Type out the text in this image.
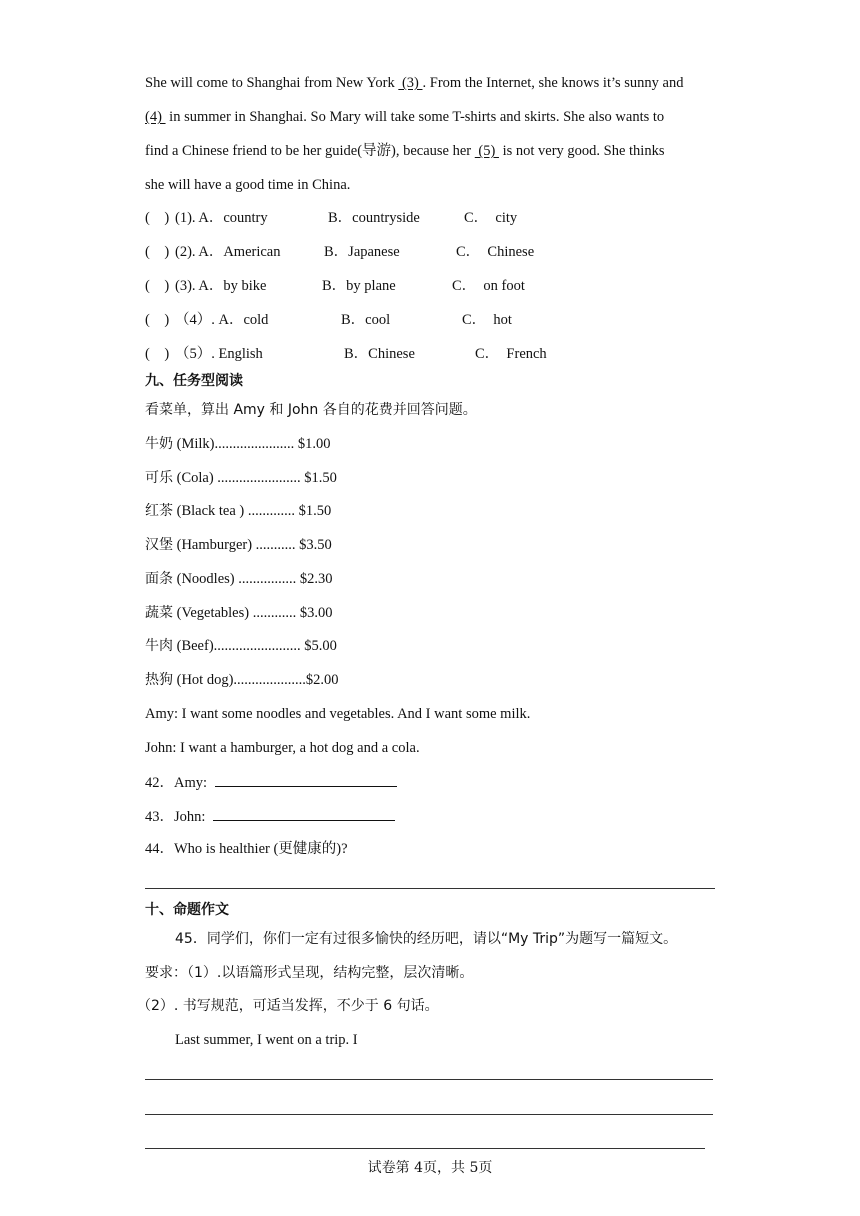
She will come to Shanghai from New York  (3) . From the Internet, she knows it’s sunny and
(4)  in summer in Shanghai. So Mary will take some T-shirts and skirts. She also wants to
find a Chinese friend to be her guide(导游), because her  (5)  is not very good. She thinks
she will have a good time in China.
(    ) (1). A．country	B．countryside	C．  city
(    ) (2). A．American	B．Japanese	C．  Chinese
(    ) (3). A．by bike	B．by plane	C．  on foot
(    ) （4）. A．cold	B．cool	C．  hot
(    ) （5）. English	B．Chinese	C．  French
九、任务型阅读
看菜单，算出 Amy 和 John 各自的花费并回答问题。
牛奶 (Milk)...................... $1.00
可乐 (Cola) ....................... $1.50
红茶 (Black tea ) ............. $1.50
汉堡 (Hamburger) ........... $3.50
面条 (Noodles) ................ $2.30
蔬菜 (Vegetables) ............ $3.00
牛肉 (Beef)........................ $5.00
热狗 (Hot dog)....................$2.00
Amy: I want some noodles and vegetables. And I want some milk.
John: I want a hamburger, a hot dog and a cola.
42．Amy:
43．John:
44．Who is healthier (更健康的)?
十、命题作文
45．同学们，你们一定有过很多愉快的经历吧，请以“My Trip”为题写一篇短文。
要求：（1）.以语篇形式呈现，结构完整，层次清晰。
（2）. 书写规范，可适当发挥，不少于 6 句话。
Last summer, I went on a trip. I
试卷第 4页，共 5页
